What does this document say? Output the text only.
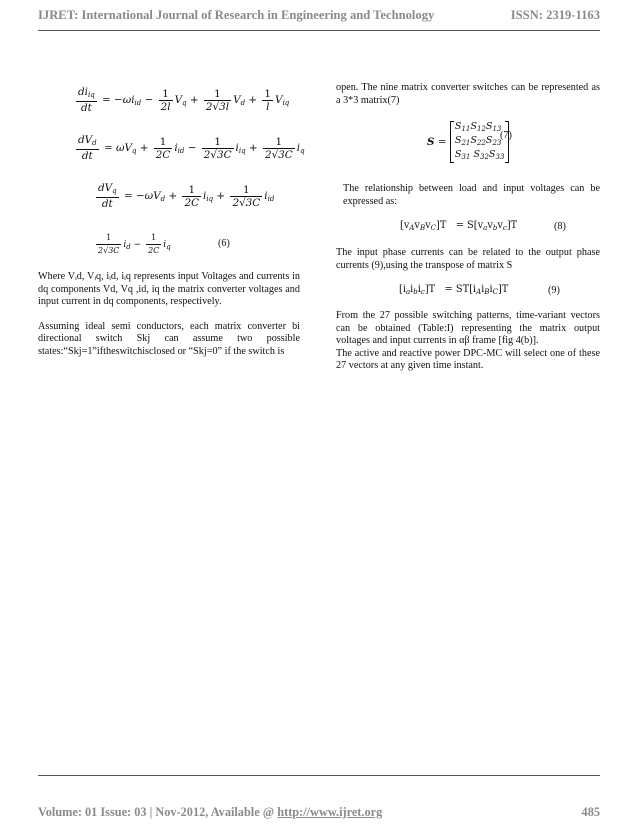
IJRET: International Journal of Research in Engineering and Technology	ISSN: 2319-1163
$di_{iq}$
dt
= $-\omega i_{id} - \frac{1}{2l} V_q + \frac{1}{2√3l} V_d + \frac{1}{l} V_{iq}$
$dV_d$
dt
= $\omega V_q + \frac{1}{2C} i_{id} - \frac{1}{2√3C} i_{iq} + \frac{1}{2√3C} i_q$
$dV_q$
dt
= $-\omega V_d + \frac{1}{2C} i_{iq} + \frac{1}{2√3C} i_{id}$
$\frac{1}{2√3C} i_d - \frac{1}{2C} i_q$	(6)

Where Vᵢd, Vᵢq, iᵢd, iᵢq represents input Voltages and currents in dq components Vd, Vq ,id, iq the matrix converter voltages and input current in dq components, respectively.

Assuming ideal semi conductors, each matrix converter bi directional switch Skj can assume two possible states:“Skj=1”iftheswitchisclosed or “Skj=0” if the switch is

open. The nine matrix converter switches can be represented as a 3*3 matrix(7)

$S = S_{11}S_{12}S_{13}$
$S_{21}S_{22}S_{23}$
$S_{31}$ $S_{32}S_{33}$
(7)

The relationship between load and input voltages can be expressed as:

$[v_Av_Bv_C]T = S[v_av_bv_c]T$	(8)

The input phase currents can be related to the output phase currents (9),using the transpose of matrix S

$[i_ai_bi_c]T = ST[i_Ai_Bi_C]T$	(9)

From the 27 possible switching patterns, time-variant vectors can be obtained (Table:I) representing the matrix output voltages and input currents in αβ frame [fig 4(b)].

The active and reactive power DPC-MC will select one of these 27 vectors at any given time instant.

Volume: 01 Issue: 03 | Nov-2012, Available @ http://www.ijret.org	485
